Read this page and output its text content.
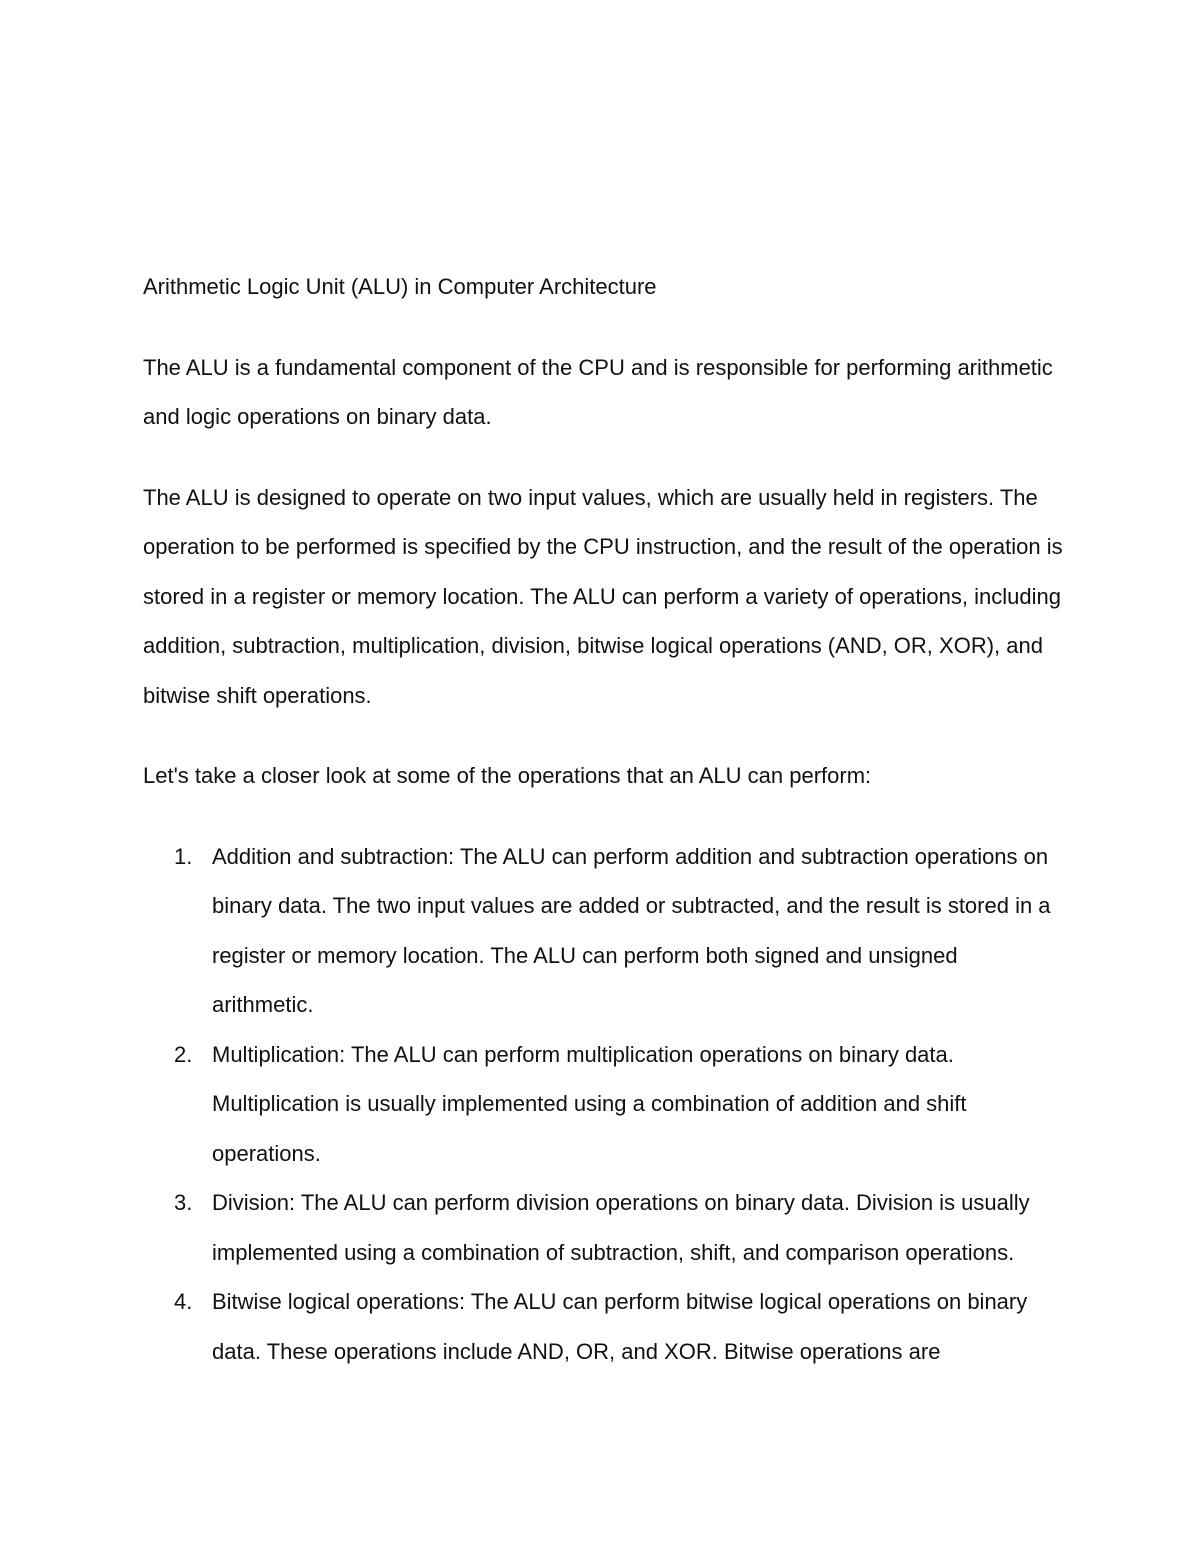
Arithmetic Logic Unit (ALU) in Computer Architecture

The ALU is a fundamental component of the CPU and is responsible for performing arithmetic and logic operations on binary data.

The ALU is designed to operate on two input values, which are usually held in registers. The operation to be performed is specified by the CPU instruction, and the result of the operation is stored in a register or memory location. The ALU can perform a variety of operations, including addition, subtraction, multiplication, division, bitwise logical operations (AND, OR, XOR), and bitwise shift operations.

Let's take a closer look at some of the operations that an ALU can perform:

1. Addition and subtraction: The ALU can perform addition and subtraction operations on binary data. The two input values are added or subtracted, and the result is stored in a register or memory location. The ALU can perform both signed and unsigned arithmetic.
2. Multiplication: The ALU can perform multiplication operations on binary data. Multiplication is usually implemented using a combination of addition and shift operations.
3. Division: The ALU can perform division operations on binary data. Division is usually implemented using a combination of subtraction, shift, and comparison operations.
4. Bitwise logical operations: The ALU can perform bitwise logical operations on binary data. These operations include AND, OR, and XOR. Bitwise operations are
